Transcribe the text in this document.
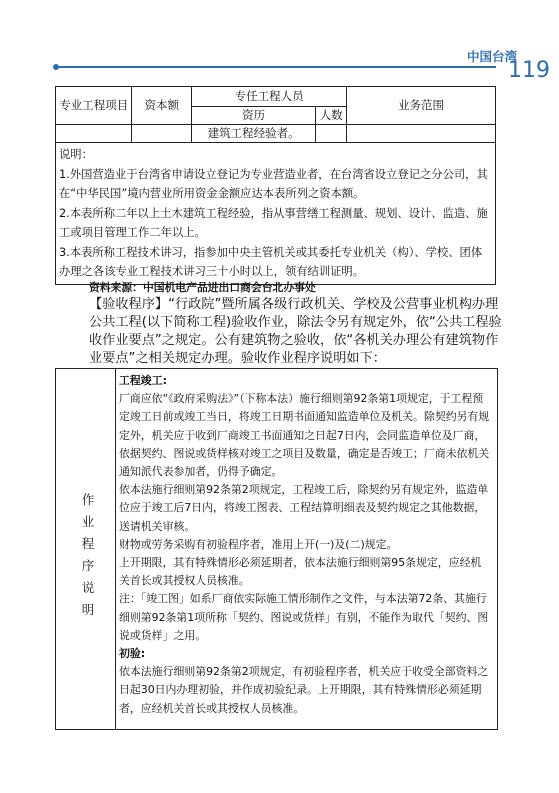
中国台湾
119
专业工程项目	资本额	专任工程人员		业务范围
		资历	人数	
		建筑工程经验者。		

说明：

1.外国营造业于台湾省申请设立登记为专业营造业者，在台湾省设立登记之分公司，其在“中华民国”境内营业所用资金金额应达本表所列之资本额。

2.本表所称二年以上土木建筑工程经验，指从事营缮工程测量、规划、设计、监造、施工或项目管理工作二年以上。

3.本表所称工程技术讲习，指参加中央主管机关或其委托专业机关（构）、学校、团体办理之各该专业工程技术讲习三十小时以上，领有结训证明。				

资料来源：中国机电产品进出口商会台北办事处

【验收程序】“行政院”暨所属各级行政机关、学校及公营事业机构办理公共工程(以下简称工程)验收作业，除法令另有规定外，依“公共工程验收作业要点”之规定。公有建筑物之验收，依“各机关办理公有建筑物作业要点”之相关规定办理。验收作业程序说明如下：

作业程序说明

工程竣工:

厂商应依“《政府采购法》”（下称本法）施行细则第92条第1项规定，于工程预定竣工日前或竣工当日，将竣工日期书面通知监造单位及机关。除契约另有规定外，机关应于收到厂商竣工书面通知之日起7日内，会同监造单位及厂商，依据契约、图说或货样核对竣工之项目及数量，确定是否竣工；厂商未依机关通知派代表参加者，仍得予确定。

依本法施行细则第92条第2项规定，工程竣工后，除契约另有规定外，监造单位应于竣工后7日内，将竣工图表、工程结算明细表及契约规定之其他数据，送请机关审核。

财物或劳务采购有初验程序者，准用上开(一)及(二)规定。

上开期限，其有特殊情形必须延期者，依本法施行细则第95条规定，应经机关首长或其授权人员核准。

注：「竣工图」如系厂商依实际施工情形制作之文件，与本法第72条、其施行细则第92条第1项所称「契约、图说或货样」有别，不能作为取代「契约、图说或货样」之用。

初验:

依本法施行细则第92条第2项规定，有初验程序者，机关应于收受全部资料之日起30日内办理初验，并作成初验纪录。上开期限，其有特殊情形必须延期者，应经机关首长或其授权人员核准。
